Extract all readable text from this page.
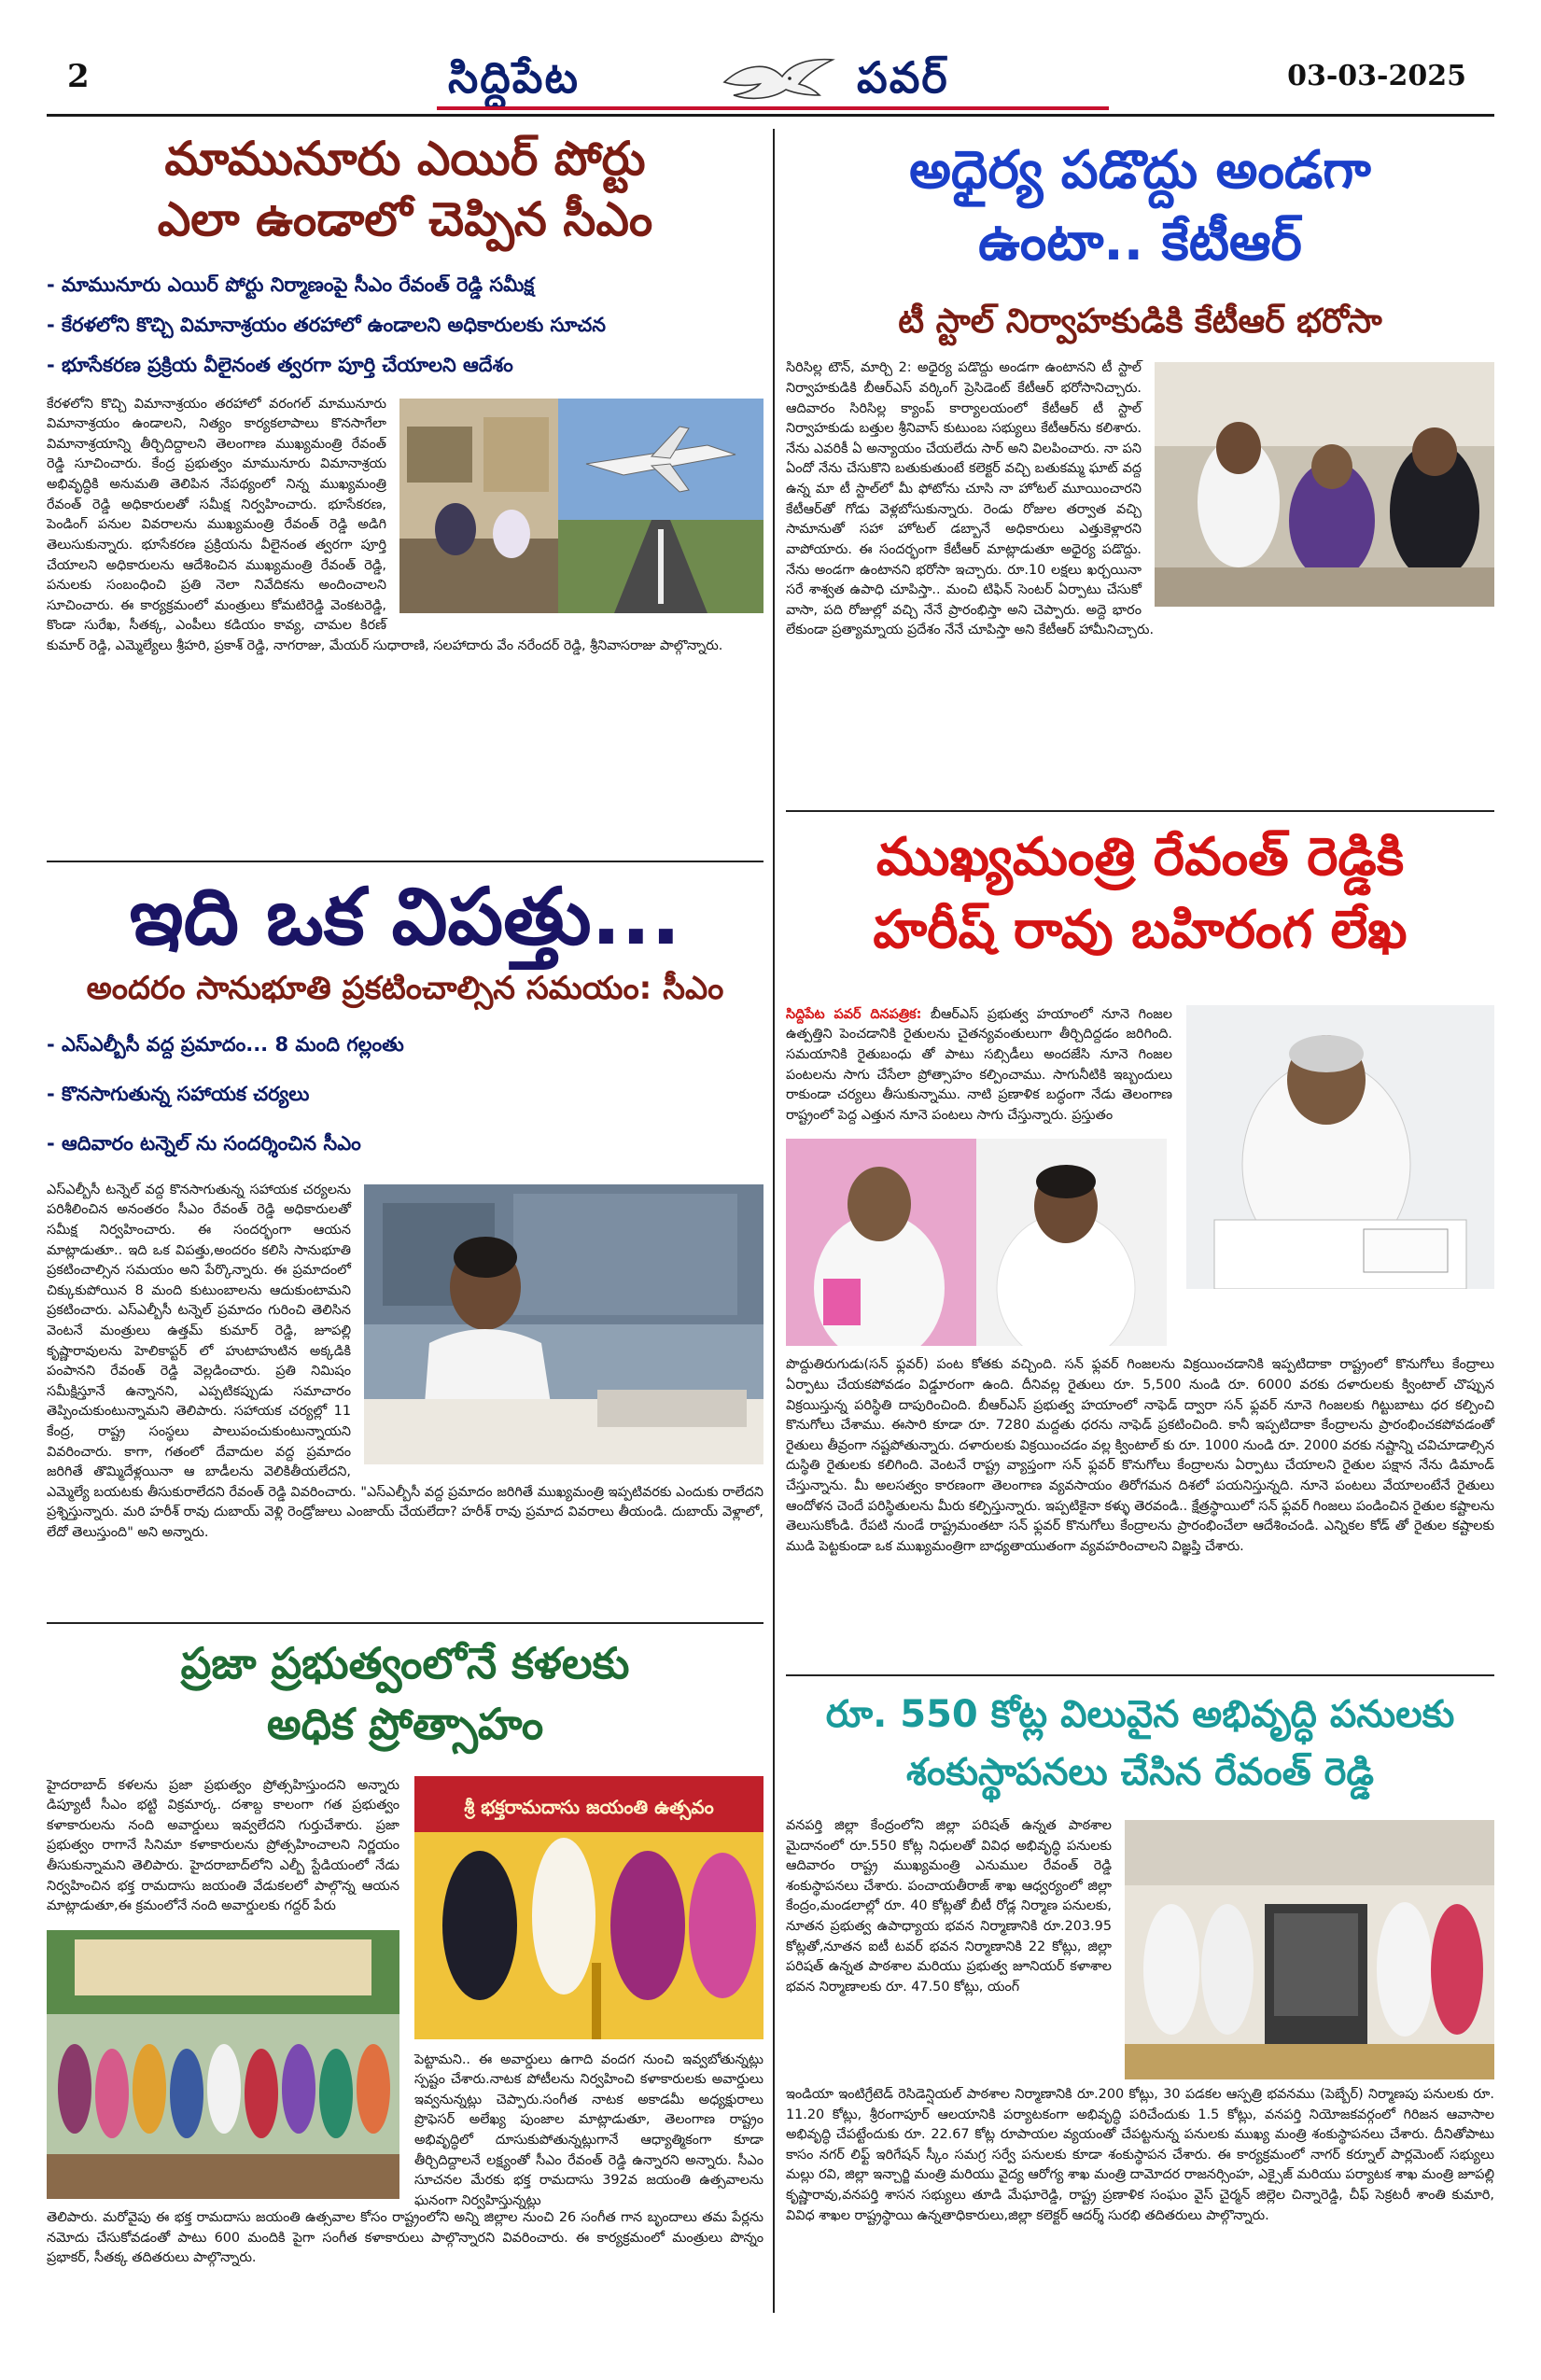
2	సిద్దిపేట	పవర్	03-03-2025
మామునూరు ఎయిర్ పోర్టు
ఎలా ఉండాలో చెప్పిన సీఎం
- మామునూరు ఎయిర్ పోర్టు నిర్మాణంపై సీఎం రేవంత్ రెడ్డి సమీక్ష
- కేరళలోని కొచ్చి విమానాశ్రయం తరహాలో ఉండాలని అధికారులకు సూచన
- భూసేకరణ ప్రక్రియ వీలైనంత త్వరగా పూర్తి చేయాలని ఆదేశం
కేరళలోని కొచ్చి విమానాశ్రయం తరహాలో వరంగల్ మామునూరు విమానాశ్రయం ఉండాలని, నిత్యం కార్యకలాపాలు కొనసాగేలా విమానాశ్రయాన్ని తీర్చిదిద్దాలని తెలంగాణ ముఖ్యమంత్రి రేవంత్ రెడ్డి సూచించారు. కేంద్ర ప్రభుత్వం మామునూరు విమానాశ్రయ అభివృద్ధికి అనుమతి తెలిపిన నేపథ్యంలో నిన్న ముఖ్యమంత్రి రేవంత్ రెడ్డి అధికారులతో సమీక్ష నిర్వహించారు. భూసేకరణ, పెండింగ్ పనుల వివరాలను ముఖ్యమంత్రి రేవంత్ రెడ్డి అడిగి తెలుసుకున్నారు. భూసేకరణ ప్రక్రియను వీలైనంత త్వరగా పూర్తి చేయాలని అధికారులను ఆదేశించిన ముఖ్యమంత్రి రేవంత్ రెడ్డి, పనులకు సంబంధించి ప్రతి నెలా నివేదికను అందించాలని సూచించారు. ఈ కార్యక్రమంలో మంత్రులు కోమటిరెడ్డి వెంకటరెడ్డి, కొండా సురేఖ, సీతక్క, ఎంపీలు కడియం కావ్య, చామల కిరణ్ కుమార్ రెడ్డి, ఎమ్మెల్యేలు శ్రీహరి, ప్రకాశ్ రెడ్డి, నాగరాజు, మేయర్ సుధారాణి, సలహాదారు వేం నరేందర్ రెడ్డి, శ్రీనివాసరాజు పాల్గొన్నారు.
ఇది ఒక విపత్తు...
అందరం సానుభూతి ప్రకటించాల్సిన సమయం: సీఎం
- ఎస్ఎల్బీసీ వద్ద ప్రమాదం... 8 మంది గల్లంతు
- కొనసాగుతున్న సహాయక చర్యలు
- ఆదివారం టన్నెల్ ను సందర్శించిన సీఎం
ఎస్ఎల్బీసీ టన్నెల్ వద్ద కొనసాగుతున్న సహాయక చర్యలను పరిశీలించిన అనంతరం సీఎం రేవంత్ రెడ్డి అధికారులతో సమీక్ష నిర్వహించారు. ఈ సందర్భంగా ఆయన మాట్లాడుతూ.. ఇది ఒక విపత్తు,అందరం కలిసి సానుభూతి ప్రకటించాల్సిన సమయం అని పేర్కొన్నారు. ఈ ప్రమాదంలో చిక్కుకుపోయిన 8 మంది కుటుంబాలను ఆదుకుంటామని ప్రకటించారు. ఎస్ఎల్బీసీ టన్నెల్ ప్రమాదం గురించి తెలిసిన వెంటనే మంత్రులు ఉత్తమ్ కుమార్ రెడ్డి, జూపల్లి కృష్ణారావులను హెలికాప్టర్ లో హుటాహుటిన అక్కడికి పంపానని రేవంత్ రెడ్డి వెల్లడించారు. ప్రతి నిమిషం సమీక్షిస్తూనే ఉన్నానని, ఎప్పటికప్పుడు సమాచారం తెప్పించుకుంటున్నామని తెలిపారు. సహాయక చర్యల్లో 11 కేంద్ర, రాష్ట్ర సంస్థలు పాలుపంచుకుంటున్నాయని వివరించారు. కాగా, గతంలో దేవాదుల వద్ద ప్రమాదం జరిగితే తొమ్మిదేళ్లయినా ఆ బాడీలను వెలికితీయలేదని, ఎమ్మెల్యే బయటకు తీసుకురాలేదని రేవంత్ రెడ్డి వివరించారు. "ఎస్ఎల్బీసీ వద్ద ప్రమాదం జరిగితే ముఖ్యమంత్రి ఇప్పటివరకు ఎందుకు రాలేదని ప్రశ్నిస్తున్నారు. మరి హరీశ్ రావు దుబాయ్ వెళ్లి రెండ్రోజులు ఎంజాయ్ చేయలేదా? హరీశ్ రావు ప్రమాద వివరాలు తీయండి. దుబాయ్ వెళ్లాలో, లేదో తెలుస్తుంది" అని అన్నారు.
ప్రజా ప్రభుత్వంలోనే కళలకు
అధిక ప్రోత్సాహం
శ్రీ భక్తరామదాసు జయంతి ఉత్సవం
హైదరాబాద్ కళలను ప్రజా ప్రభుత్వం ప్రోత్సహిస్తుందని అన్నారు డిప్యూటీ సీఎం భట్టి విక్రమార్క. దశాబ్ద కాలంగా గత ప్రభుత్వం కళాకారులను నంది అవార్డులు ఇవ్వలేదని గుర్తుచేశారు. ప్రజా ప్రభుత్వం రాగానే సినిమా కళాకారులను ప్రోత్సహించాలని నిర్ణయం తీసుకున్నామని తెలిపారు. హైదరాబాద్‌లోని ఎల్బీ స్టేడియంలో నేడు నిర్వహించిన భక్త రామదాసు జయంతి వేడుకలలో పాల్గొన్న ఆయన మాట్లాడుతూ,ఈ క్రమంలోనే నంది అవార్డులకు గద్దర్ పేరు
పెట్టామని.. ఈ అవార్డులు ఉగాది వందగ నుంచి ఇవ్వబోతున్నట్లు స్పష్టం చేశారు.నాటక పోటీలను నిర్వహించి కళాకారులకు అవార్డులు ఇవ్వనున్నట్లు చెప్పారు.సంగీత నాటక అకాడమీ అధ్యక్షురాలు ప్రొఫెసర్ అలేఖ్య పుంజాల మాట్లాడుతూ, తెలంగాణ రాష్ట్రం అభివృద్ధిలో దూసుకుపోతున్నట్లుగానే ఆధ్యాత్మికంగా కూడా తీర్చిదిద్దాలనే లక్ష్యంతో సీఎం రేవంత్ రెడ్డి ఉన్నారని అన్నారు. సీఎం సూచనల మేరకు భక్త రామదాసు 392వ జయంతి ఉత్సవాలను ఘనంగా నిర్వహిస్తున్నట్లు
తెలిపారు. మరోవైపు ఈ భక్త రామదాసు జయంతి ఉత్సవాల కోసం రాష్ట్రంలోని అన్ని జిల్లాల నుంచి 26 సంగీత గాన బృందాలు తమ పేర్లను నమోదు చేసుకోవడంతో పాటు 600 మందికి పైగా సంగీత కళాకారులు పాల్గొన్నారని వివరించారు. ఈ కార్యక్రమంలో మంత్రులు పొన్నం ప్రభాకర్, సీతక్క తదితరులు పాల్గొన్నారు.
అధైర్య పడొద్దు అండగా
ఉంటా.. కేటీఆర్
టీ స్టాల్ నిర్వాహకుడికి కేటీఆర్ భరోసా
సిరిసిల్ల టౌన్, మార్చి 2: అధైర్య పడొద్దు అండగా ఉంటానని టీ స్టాల్ నిర్వాహకుడికి బీఆర్ఎస్ వర్కింగ్ ప్రెసిడెంట్ కేటీఆర్ భరోసానిచ్చారు. ఆదివారం సిరిసిల్ల క్యాంప్ కార్యాలయంలో కేటీఆర్ టీ స్టాల్ నిర్వాహకుడు బత్తుల శ్రీనివాస్ కుటుంబ సభ్యులు కేటీఆర్‌ను కలిశారు. నేను ఎవరికీ ఏ అన్యాయం చేయలేదు సార్ అని విలపించారు. నా పని ఏందో నేను చేసుకొని బతుకుతుంటే కలెక్టర్ వచ్చి బతుకమ్మ ఘాట్ వద్ద ఉన్న మా టీ స్టాల్‌లో మీ ఫోటోను చూసి నా హోటల్ మూయించారని కేటీఆర్‌తో గోడు వెళ్లబోసుకున్నారు. రెండు రోజుల తర్వాత వచ్చి సామానుతో సహా హోటల్ డబ్బానే అధికారులు ఎత్తుకెళ్లారని వాపోయారు. ఈ సందర్భంగా కేటీఆర్ మాట్లాడుతూ అధైర్య పడొద్దు. నేను అండగా ఉంటానని భరోసా ఇచ్చారు. రూ.10 లక్షలు ఖర్చయినా సరే శాశ్వత ఉపాధి చూపిస్తా.. మంచి టిఫిన్ సెంటర్ ఏర్పాటు చేసుకో వాసా, పది రోజుల్లో వచ్చి నేనే ప్రారంభిస్తా అని చెప్పారు. అద్దె భారం లేకుండా ప్రత్యామ్నాయ ప్రదేశం నేనే చూపిస్తా అని కేటీఆర్ హామీనిచ్చారు.
ముఖ్యమంత్రి రేవంత్ రెడ్డికి
హరీష్ రావు బహిరంగ లేఖ
సిద్దిపేట పవర్ దినపత్రిక: బీఆర్ఎస్ ప్రభుత్వ హయాంలో నూనె గింజల ఉత్పత్తిని పెంచడానికి రైతులను చైతన్యవంతులుగా తీర్చిదిద్దడం జరిగింది. సమయానికి రైతుబంధు తో పాటు సబ్సిడీలు అందజేసి నూనె గింజల పంటలను సాగు చేసేలా ప్రోత్సాహం కల్పించాము. సాగునీటికి ఇబ్బందులు రాకుండా చర్యలు తీసుకున్నాము. నాటి ప్రణాళిక బద్ధంగా నేడు తెలంగాణ రాష్ట్రంలో పెద్ద ఎత్తున నూనె పంటలు సాగు చేస్తున్నారు. ప్రస్తుతం
పొద్దుతిరుగుడు(సన్ ఫ్లవర్) పంట కోతకు వచ్చింది. సన్ ఫ్లవర్ గింజలను విక్రయించడానికి ఇప్పటిదాకా రాష్ట్రంలో కొనుగోలు కేంద్రాలు ఏర్పాటు చేయకపోవడం విడ్డూరంగా ఉంది. దీనివల్ల రైతులు రూ. 5,500 నుండి రూ. 6000 వరకు దళారులకు క్వింటాల్ చొప్పున విక్రయిస్తున్న పరిస్థితి దాపురించింది. బీఆర్ఎస్ ప్రభుత్వ హయాంలో నాఫెడ్ ద్వారా సన్ ఫ్లవర్ నూనె గింజలకు గిట్టుబాటు ధర కల్పించి కొనుగోలు చేశాము. ఈసారి కూడా రూ. 7280 మద్దతు ధరను నాఫెడ్ ప్రకటించింది. కానీ ఇప్పటిదాకా కేంద్రాలను ప్రారంభించకపోవడంతో రైతులు తీవ్రంగా నష్టపోతున్నారు. దళారులకు విక్రయించడం వల్ల క్వింటాల్ కు రూ. 1000 నుండి రూ. 2000 వరకు నష్టాన్ని చవిచూడాల్సిన దుస్థితి రైతులకు కలిగింది. వెంటనే రాష్ట్ర వ్యాప్తంగా సన్ ఫ్లవర్ కొనుగోలు కేంద్రాలను ఏర్పాటు చేయాలని రైతుల పక్షాన నేను డిమాండ్ చేస్తున్నాను. మీ అలసత్వం కారణంగా తెలంగాణ వ్యవసాయం తిరోగమన దిశలో పయనిస్తున్నది. నూనె పంటలు వేయాలంటేనే రైతులు ఆందోళన చెందే పరిస్థితులను మీరు కల్పిస్తున్నారు. ఇప్పటికైనా కళ్ళు తెరవండి.. క్షేత్రస్థాయిలో సన్ ఫ్లవర్ గింజలు పండించిన రైతుల కష్టాలను తెలుసుకోండి. రేపటి నుండే రాష్ట్రమంతటా సన్ ఫ్లవర్ కొనుగోలు కేంద్రాలను ప్రారంభించేలా ఆదేశించండి. ఎన్నికల కోడ్ తో రైతుల కష్టాలకు ముడి పెట్టకుండా ఒక ముఖ్యమంత్రిగా బాధ్యతాయుతంగా వ్యవహరించాలని విజ్ఞప్తి చేశారు.
రూ. 550 కోట్ల విలువైన అభివృద్ధి పనులకు
శంకుస్థాపనలు చేసిన రేవంత్ రెడ్డి
వనపర్తి జిల్లా కేంద్రంలోని జిల్లా పరిషత్ ఉన్నత పాఠశాల మైదానంలో రూ.550 కోట్ల నిధులతో వివిధ అభివృద్ధి పనులకు ఆదివారం రాష్ట్ర ముఖ్యమంత్రి ఎనుముల రేవంత్ రెడ్డి శంకుస్థాపనలు చేశారు. పంచాయతీరాజ్ శాఖ ఆధ్వర్యంలో జిల్లా కేంద్రం,మండలాల్లో రూ. 40 కోట్లతో బీటీ రోడ్ల నిర్మాణ పనులకు, నూతన ప్రభుత్వ ఉపాధ్యాయ భవన నిర్మాణానికి రూ.203.95 కోట్లతో,నూతన ఐటీ టవర్ భవన నిర్మాణానికి 22 కోట్లు, జిల్లా పరిషత్ ఉన్నత పాఠశాల మరియు ప్రభుత్వ జూనియర్ కళాశాల భవన నిర్మాణాలకు రూ. 47.50 కోట్లు, యంగ్
ఇండియా ఇంటిగ్రేటెడ్ రెసిడెన్షియల్ పాఠశాల నిర్మాణానికి రూ.200 కోట్లు, 30 పడకల ఆస్పత్రి భవనము (పెబ్బేర్) నిర్మాణపు పనులకు రూ. 11.20 కోట్లు, శ్రీరంగాపూర్ ఆలయానికి పర్యాటకంగా అభివృద్ధి పరిచేందుకు 1.5 కోట్లు, వనపర్తి నియోజకవర్గంలో గిరిజన ఆవాసాల అభివృద్ధి చేపట్టేందుకు రూ. 22.67 కోట్ల రూపాయల వ్యయంతో చేపట్టనున్న పనులకు ముఖ్య మంత్రి శంకుస్థాపనలు చేశారు. దీనితోపాటు కాసం నగర్ లిఫ్ట్ ఇరిగేషన్ స్కీం సమగ్ర సర్వే పనులకు కూడా శంకుస్థాపన చేశారు. ఈ కార్యక్రమంలో నాగర్ కర్నూల్ పార్లమెంట్ సభ్యులు మల్లు రవి, జిల్లా ఇన్చార్జి మంత్రి మరియు వైద్య ఆరోగ్య శాఖ మంత్రి దామోదర రాజనర్సింహ, ఎక్సైజ్ మరియు పర్యాటక శాఖ మంత్రి జూపల్లి కృష్ణారావు,వనపర్తి శాసన సభ్యులు తూడి మేఘారెడ్డి, రాష్ట్ర ప్రణాళిక సంఘం వైస్ చైర్మన్ జిల్లెల చిన్నారెడ్డి, చీఫ్ సెక్రటరీ శాంతి కుమారి, వివిధ శాఖల రాష్ట్రస్థాయి ఉన్నతాధికారులు,జిల్లా కలెక్టర్ ఆదర్శ్ సురభి తదితరులు పాల్గొన్నారు.
